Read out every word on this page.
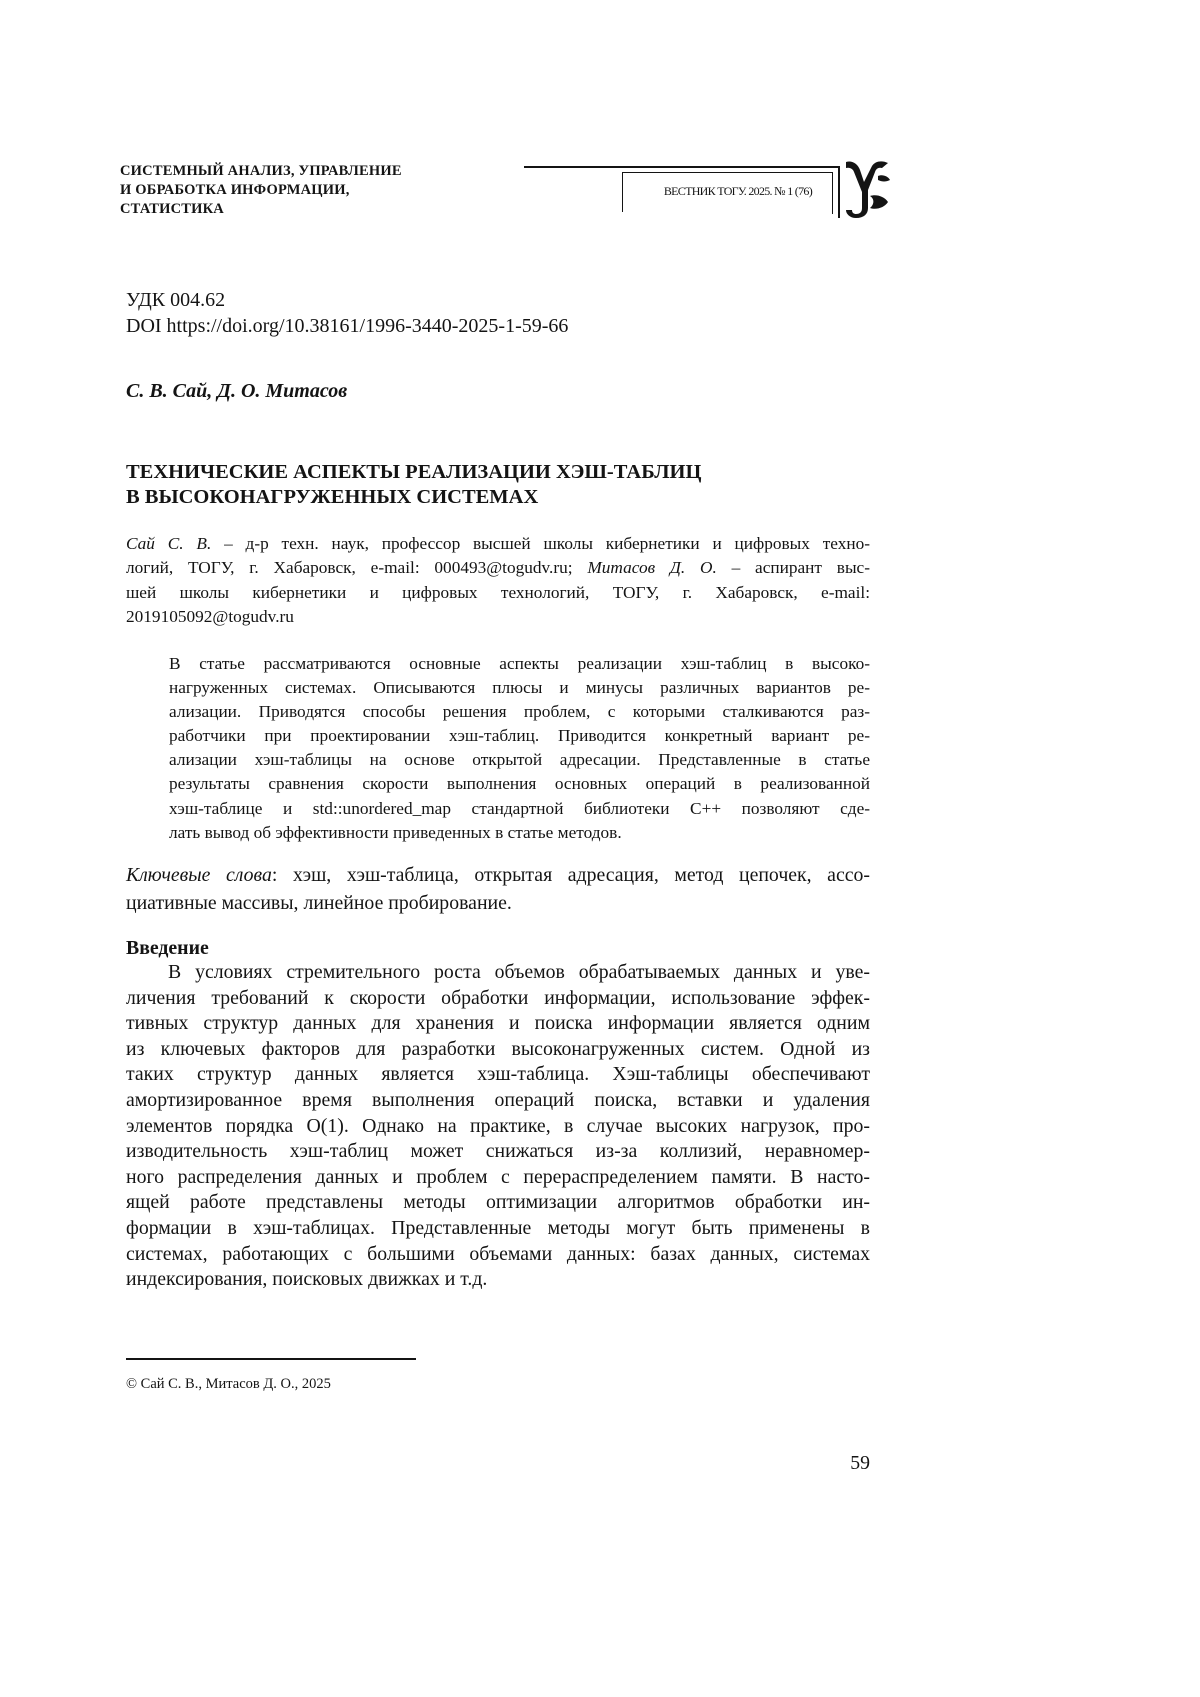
СИСТЕМНЫЙ АНАЛИЗ, УПРАВЛЕНИЕ
И ОБРАБОТКА ИНФОРМАЦИИ,
СТАТИСТИКА
ВЕСТНИК ТОГУ. 2025. № 1 (76)
УДК 004.62
DOI https://doi.org/10.38161/1996-3440-2025-1-59-66
С. В. Сай, Д. О. Митасов
ТЕХНИЧЕСКИЕ АСПЕКТЫ РЕАЛИЗАЦИИ ХЭШ-ТАБЛИЦ
В ВЫСОКОНАГРУЖЕННЫХ СИСТЕМАХ
Сай С. В. – д-р техн. наук, профессор высшей школы кибернетики и цифровых техно-
логий, ТОГУ, г. Хабаровск, e-mail: 000493@togudv.ru; Митасов Д. О. – аспирант выс-
шей школы кибернетики и цифровых технологий, ТОГУ, г. Хабаровск, e-mail:
2019105092@togudv.ru
В статье рассматриваются основные аспекты реализации хэш-таблиц в высоко-
нагруженных системах. Описываются плюсы и минусы различных вариантов ре-
ализации. Приводятся способы решения проблем, с которыми сталкиваются раз-
работчики при проектировании хэш-таблиц. Приводится конкретный вариант ре-
ализации хэш-таблицы на основе открытой адресации. Представленные в статье
результаты сравнения скорости выполнения основных операций в реализованной
хэш-таблице и std::unordered_map стандартной библиотеки С++ позволяют сде-
лать вывод об эффективности приведенных в статье методов.
Ключевые слова: хэш, хэш-таблица, открытая адресация, метод цепочек, ассо-
циативные массивы, линейное пробирование.
Введение
В условиях стремительного роста объемов обрабатываемых данных и уве-
личения требований к скорости обработки информации, использование эффек-
тивных структур данных для хранения и поиска информации является одним
из ключевых факторов для разработки высоконагруженных систем. Одной из
таких структур данных является хэш-таблица. Хэш-таблицы обеспечивают
амортизированное время выполнения операций поиска, вставки и удаления
элементов порядка O(1). Однако на практике, в случае высоких нагрузок, про-
изводительность хэш-таблиц может снижаться из-за коллизий, неравномер-
ного распределения данных и проблем с перераспределением памяти. В насто-
ящей работе представлены методы оптимизации алгоритмов обработки ин-
формации в хэш-таблицах. Представленные методы могут быть применены в
системах, работающих с большими объемами данных: базах данных, системах
индексирования, поисковых движках и т.д.
© Сай С. В., Митасов Д. О., 2025
59
